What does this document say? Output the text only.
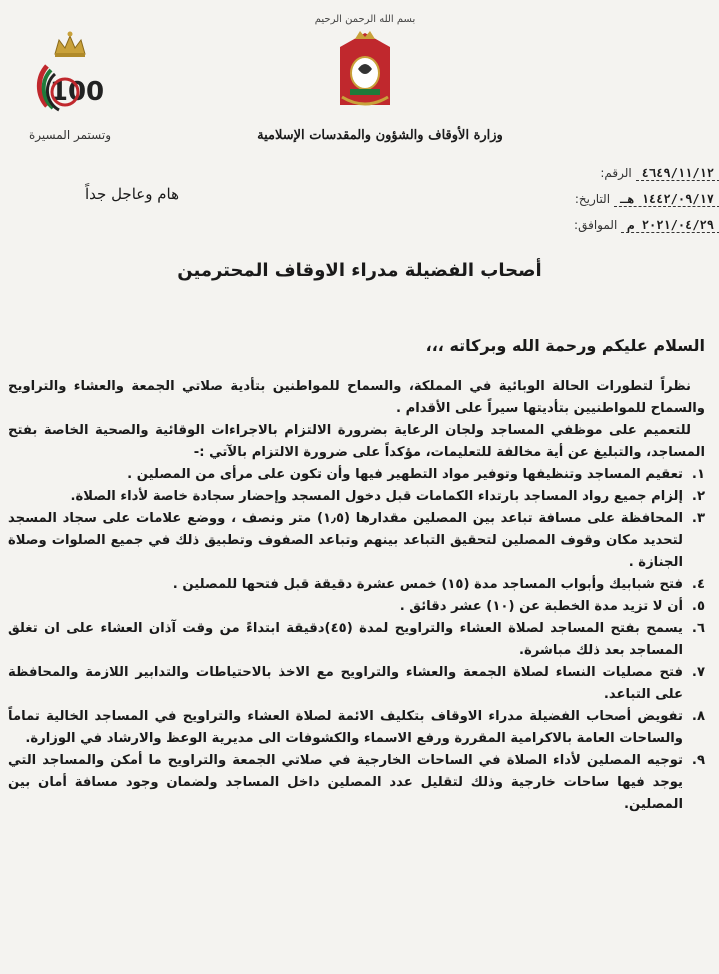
100
وتستمر المسيرة
بسم الله الرحمن الرحيم
وزارة الأوقاف والشؤون والمقدسات الإسلامية
٤٦٤٩/١١/١٢الرقم:
١٤٤٢/٠٩/١٧ هـالتاريخ:
٢٠٢١/٠٤/٢٩ مالموافق:
هام وعاجل جداً
أصحاب الفضيلة مدراء الاوقاف المحترمين
السلام عليكم ورحمة الله وبركاته ،،،

نظراً لتطورات الحالة الوبائية في المملكة، والسماح للمواطنين بتأدية صلاتي الجمعة والعشاء والتراويح والسماح للمواطنيين بتأديتها سيراً على الأقدام .

للتعميم على موظفي المساجد ولجان الرعاية بضرورة الالتزام بالاجراءات الوقائية والصحية الخاصة بفتح المساجد، والتبليغ عن أية مخالفة للتعليمات، مؤكداً على ضرورة الالتزام بالآتي :-

١.
تعقيم المساجد وتنظيفها وتوفير مواد التطهير فيها وأن تكون على مرأى من المصلين .
٢.
إلزام جميع رواد المساجد بارتداء الكمامات قبل دخول المسجد وإحضار سجادة خاصة لأداء الصلاة.
٣.
المحافظة على مسافة تباعد بين المصلين مقدارها (١٫٥) متر ونصف ، ووضع علامات على سجاد المسجد لتحديد مكان وقوف المصلين لتحقيق التباعد بينهم وتباعد الصفوف وتطبيق ذلك في جميع الصلوات وصلاة الجنازة .
٤.
فتح شبابيك وأبواب المساجد مدة (١٥) خمس عشرة دقيقة قبل فتحها للمصلين .
٥.
أن لا تزيد مدة الخطبة عن (١٠) عشر دقائق .
٦.
يسمح بفتح المساجد لصلاة العشاء والتراويح لمدة (٤٥)دقيقة ابتداءً من وقت آذان العشاء على ان تغلق المساجد بعد ذلك مباشرة.
٧.
فتح مصليات النساء لصلاة الجمعة والعشاء والتراويح مع الاخذ بالاحتياطات والتدابير اللازمة والمحافظة على التباعد.
٨.
تفويض أصحاب الفضيلة مدراء الاوقاف بتكليف الائمة لصلاة العشاء والتراويح في المساجد الخالية تماماً والساحات العامة بالاكرامية المقررة ورفع الاسماء والكشوفات الى مديرية الوعظ والارشاد في الوزارة.
٩.
توجيه المصلين لأداء الصلاة في الساحات الخارجية في صلاتي الجمعة والتراويح ما أمكن والمساجد التي يوجد فيها ساحات خارجية وذلك لتقليل عدد المصلين داخل المساجد ولضمان وجود مسافة أمان بين المصلين.
